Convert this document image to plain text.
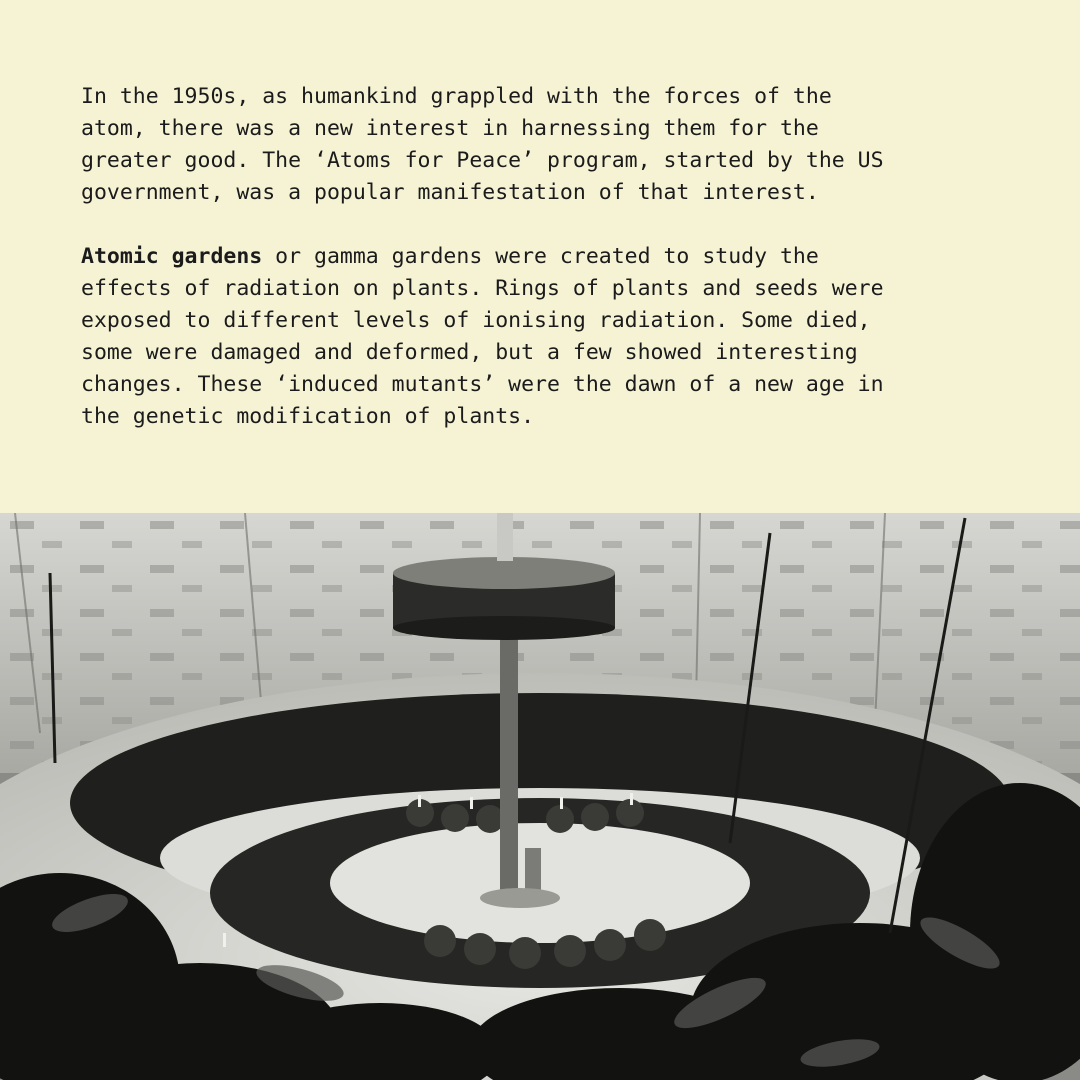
In the 1950s, as humankind grappled with the forces of the
atom, there was a new interest in harnessing them for the
greater good. The ‘Atoms for Peace’ program, started by the US
government, was a popular manifestation of that interest.

Atomic gardens or gamma gardens were created to study the
effects of radiation on plants. Rings of plants and seeds were
exposed to different levels of ionising radiation. Some died,
some were damaged and deformed, but a few showed interesting
changes. These ‘induced mutants’ were the dawn of a new age in
the genetic modification of plants.
